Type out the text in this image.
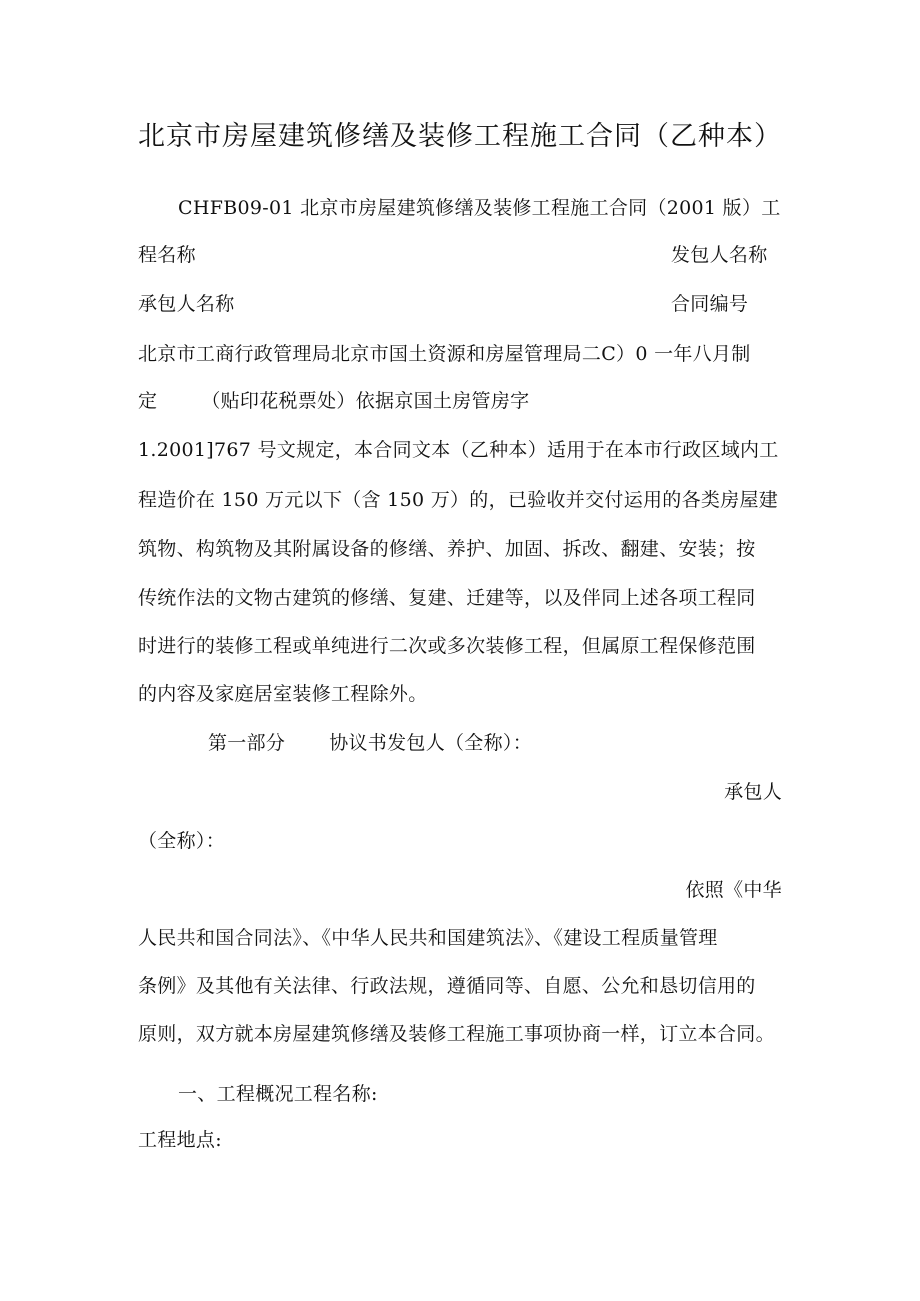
北京市房屋建筑修缮及装修工程施工合同（乙种本）
CHFB09-01 北京市房屋建筑修缮及装修工程施工合同（2001 版）工
程名称	发包人名称
承包人名称	合同编号
北京市工商行政管理局北京市国土资源和房屋管理局二C）0 一年八月制
定 （贴印花税票处）依据京国土房管房字
1.2001]767 号文规定，本合同文本（乙种本）适用于在本市行政区域内工
程造价在 150 万元以下（含 150 万）的，已验收并交付运用的各类房屋建
筑物、构筑物及其附属设备的修缮、养护、加固、拆改、翻建、安装；按
传统作法的文物古建筑的修缮、复建、迁建等，以及伴同上述各项工程同
时进行的装修工程或单纯进行二次或多次装修工程，但属原工程保修范围
的内容及家庭居室装修工程除外。
第一部分 协议书发包人（全称）：
承包人
（全称）：
依照《中华
人民共和国合同法》、《中华人民共和国建筑法》、《建设工程质量管理
条例》及其他有关法律、行政法规，遵循同等、自愿、公允和恳切信用的
原则，双方就本房屋建筑修缮及装修工程施工事项协商一样，订立本合同。
一、工程概况工程名称:
工程地点:
